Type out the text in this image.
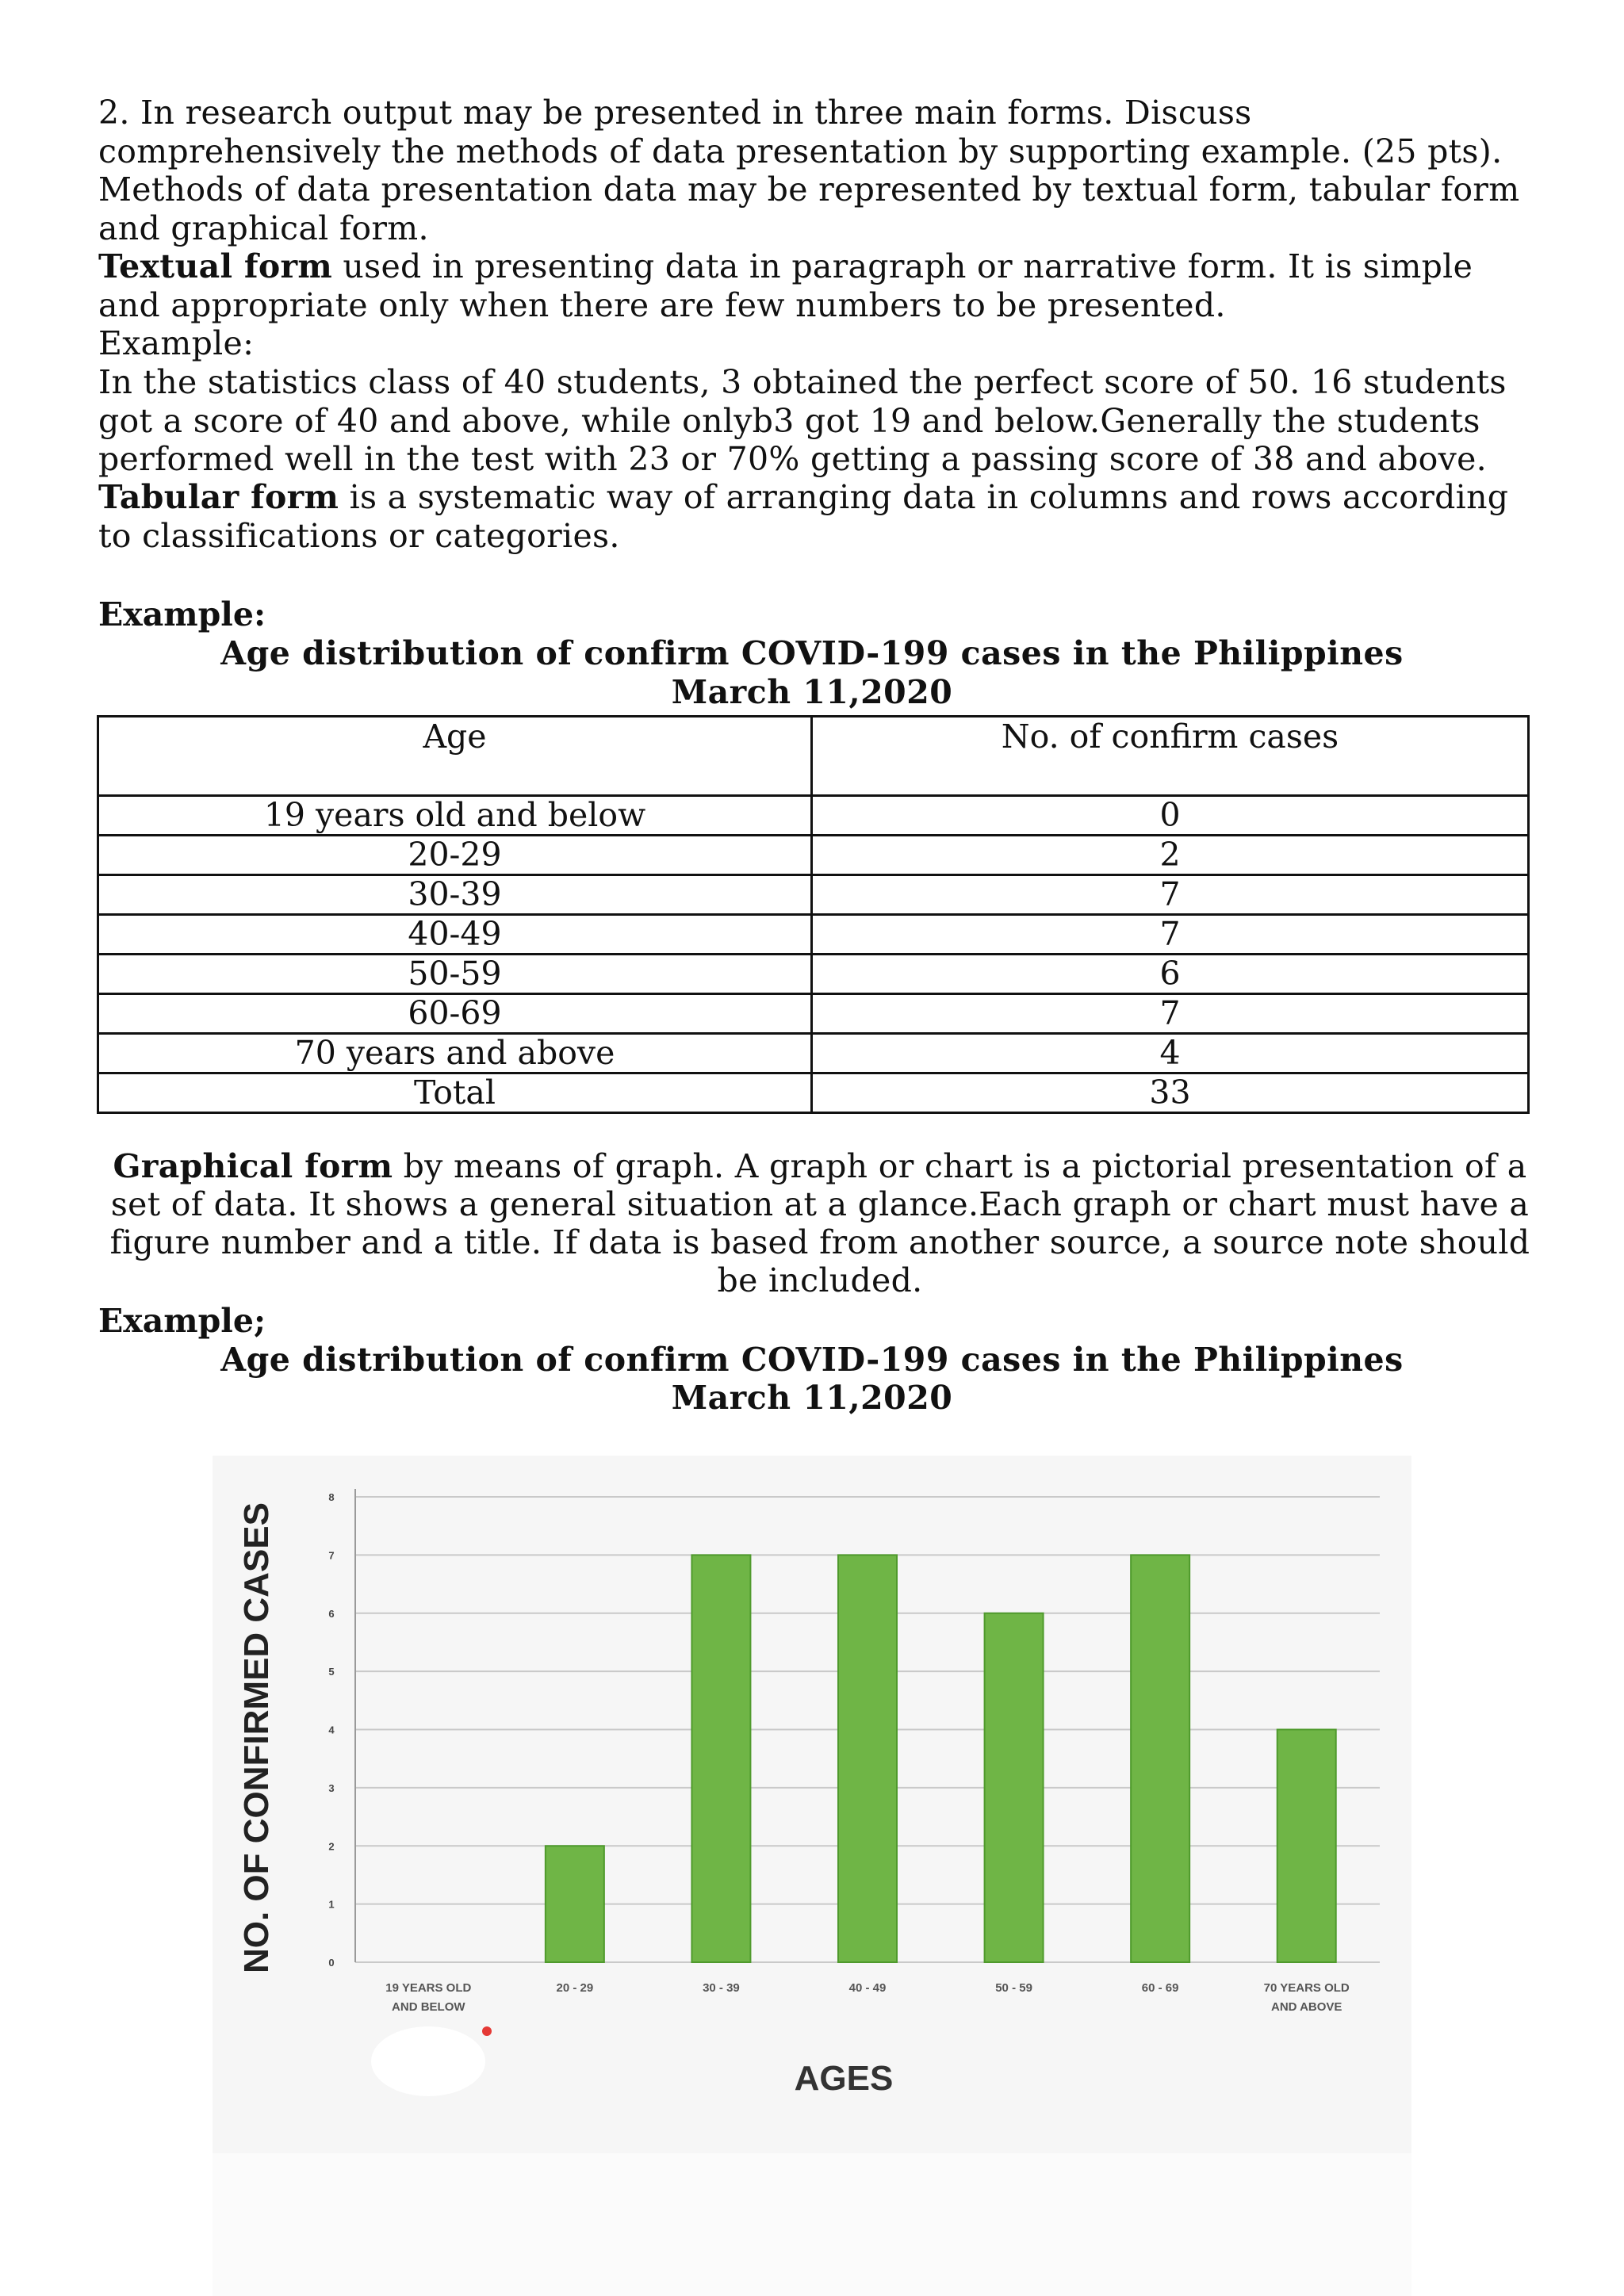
2. In research output may be presented in three main forms. Discuss comprehensively the methods of data presentation by supporting example. (25 pts).
Methods of data presentation data may be represented by textual form, tabular form and graphical form.
Textual form used in presenting data in paragraph or narrative form. It is simple and appropriate only when there are few numbers to be presented.
Example:
In the statistics class of 40 students, 3 obtained the perfect score of 50. 16 students got a score of 40 and above, while onlyb3 got 19 and below.Generally the students performed well in the test with 23 or 70% getting a passing score of 38 and above.
Tabular form is a systematic way of arranging data in columns and rows according to classifications or categories.
Example:
Age distribution of confirm COVID-199 cases in the Philippines
March 11,2020
Age	No. of confirm cases
19 years old and below	0
20-29	2
30-39	7
40-49	7
50-59	6
60-69	7
70 years and above	4
Total	33
Graphical form by means of graph. A graph or chart is a pictorial presentation of a set of data. It shows a general situation at a glance.Each graph or chart must have a figure number and a title. If data is based from another source, a source note should be included.
Example;
Age distribution of confirm COVID-199 cases in the Philippines
March 11,2020
0
1
2
3
4
5
6
7
8
19 YEARS OLD
AND BELOW
20 - 29	30 - 39	40 - 49	50 - 59	60 - 69	70 YEARS OLD
AND ABOVE
AGES
NO. OF CONFIRMED CASES
